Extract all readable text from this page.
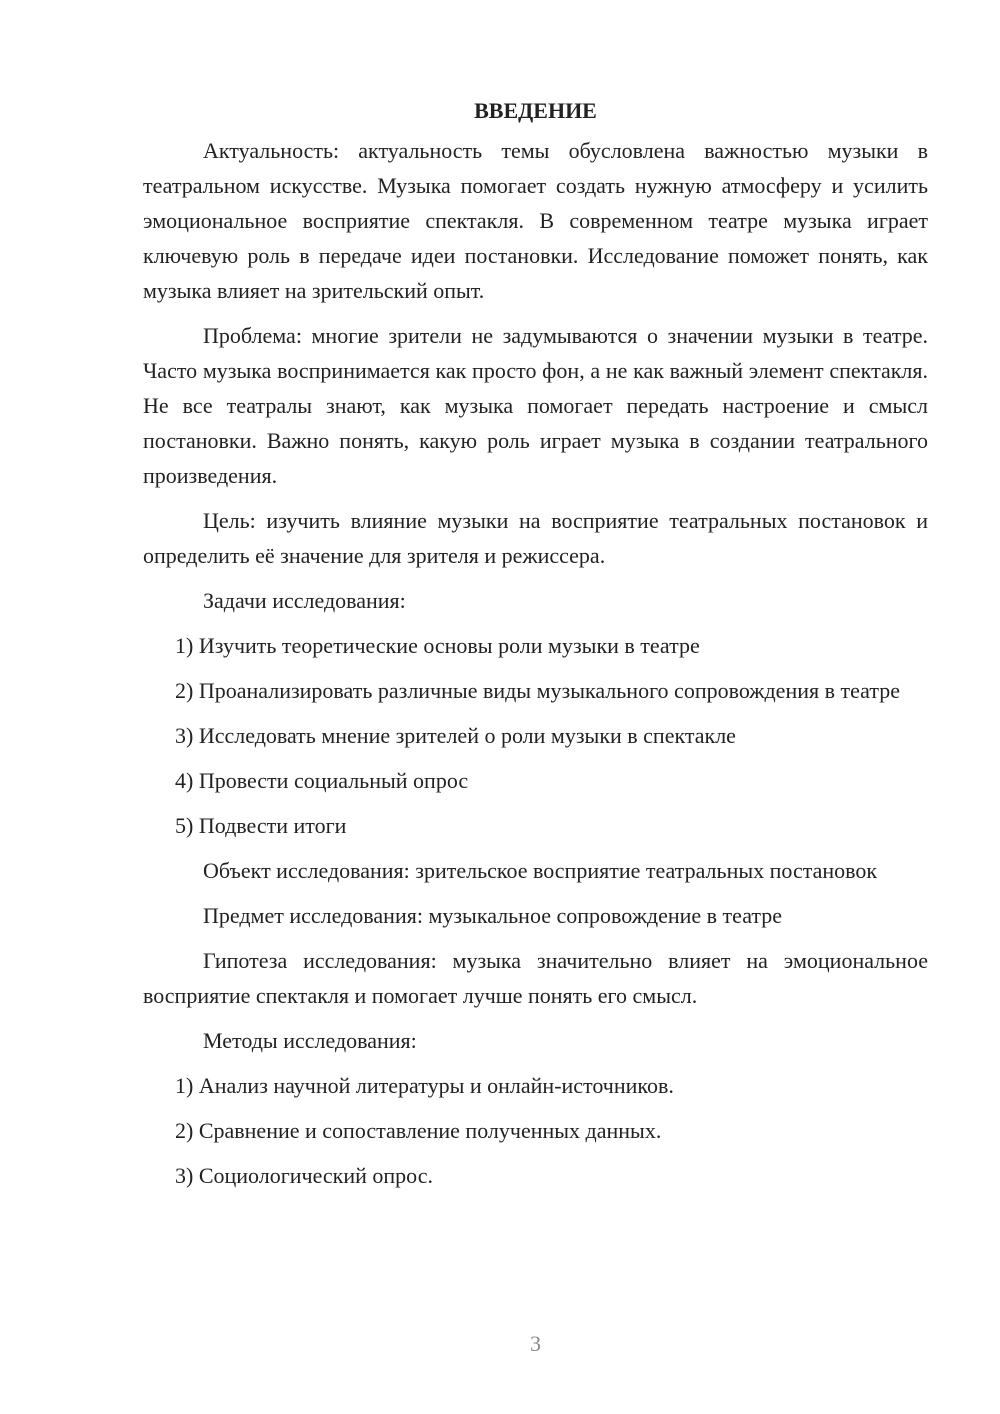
ВВЕДЕНИЕ

Актуальность: актуальность темы обусловлена важностью музыки в театральном искусстве. Музыка помогает создать нужную атмосферу и усилить эмоциональное восприятие спектакля. В современном театре музыка играет ключевую роль в передаче идеи постановки. Исследование поможет понять, как музыка влияет на зрительский опыт.

Проблема: многие зрители не задумываются о значении музыки в театре. Часто музыка воспринимается как просто фон, а не как важный элемент спектакля. Не все театралы знают, как музыка помогает передать настроение и смысл постановки. Важно понять, какую роль играет музыка в создании театрального произведения.

Цель: изучить влияние музыки на восприятие театральных постановок и определить её значение для зрителя и режиссера.

Задачи исследования:

1) Изучить теоретические основы роли музыки в театре

2) Проанализировать различные виды музыкального сопровождения в театре

3) Исследовать мнение зрителей о роли музыки в спектакле

4) Провести социальный опрос

5) Подвести итоги

Объект исследования: зрительское восприятие театральных постановок

Предмет исследования: музыкальное сопровождение в театре

Гипотеза исследования: музыка значительно влияет на эмоциональное восприятие спектакля и помогает лучше понять его смысл.

Методы исследования:

1) Анализ научной литературы и онлайн-источников.

2) Сравнение и сопоставление полученных данных.

3) Социологический опрос.

3
